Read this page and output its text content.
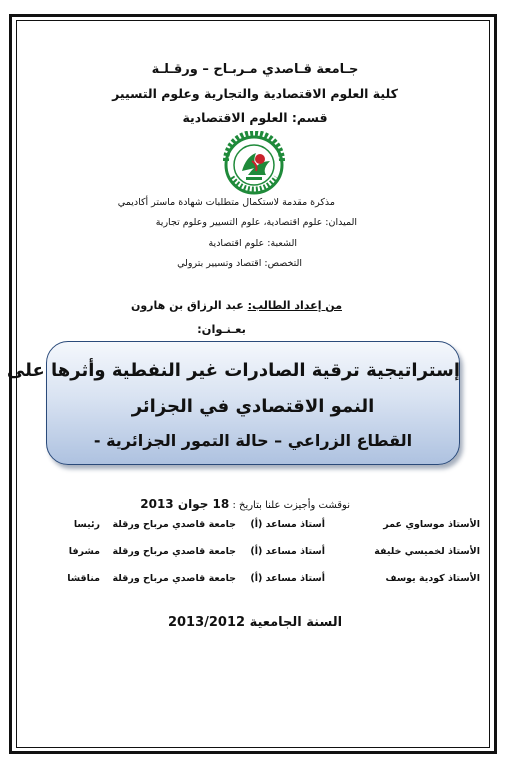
جـامعة قـاصدي مـربـاح – ورقـلـة
كلية العلوم الاقتصادية والتجارية وعلوم التسيير
قسم: العلوم الاقتصادية
مذكرة مقدمة لاستكمال متطلبات شهادة ماستر أكاديمي
الميدان: علوم اقتصادية، علوم التسيير وعلوم تجارية
الشعبة: علوم اقتصادية
التخصص: اقتصاد وتسيير بترولي
من إعداد الطالب: عبد الرزاق بن هارون
بعـنـوان:
إستراتيجية ترقية الصادرات غير النفطية وأثرها على
النمو الاقتصادي في الجزائر
القطاع الزراعي – حالة التمور الجزائرية -
نوقشت وأجيزت علنا بتاريخ : 18 جوان 2013
الأستاذ موساوي عمر
أستاذ مساعد (أ)
جامعة قاصدي مرباح ورقلة
رئيسا
الأستاذ لخميسي خليفة
أستاذ مساعد (أ)
جامعة قاصدي مرباح ورقلة
مشرفا
الأستاذ كودية يوسف
أستاذ مساعد (أ)
جامعة قاصدي مرباح ورقلة
مناقشا
السنة الجامعية 2013/2012
